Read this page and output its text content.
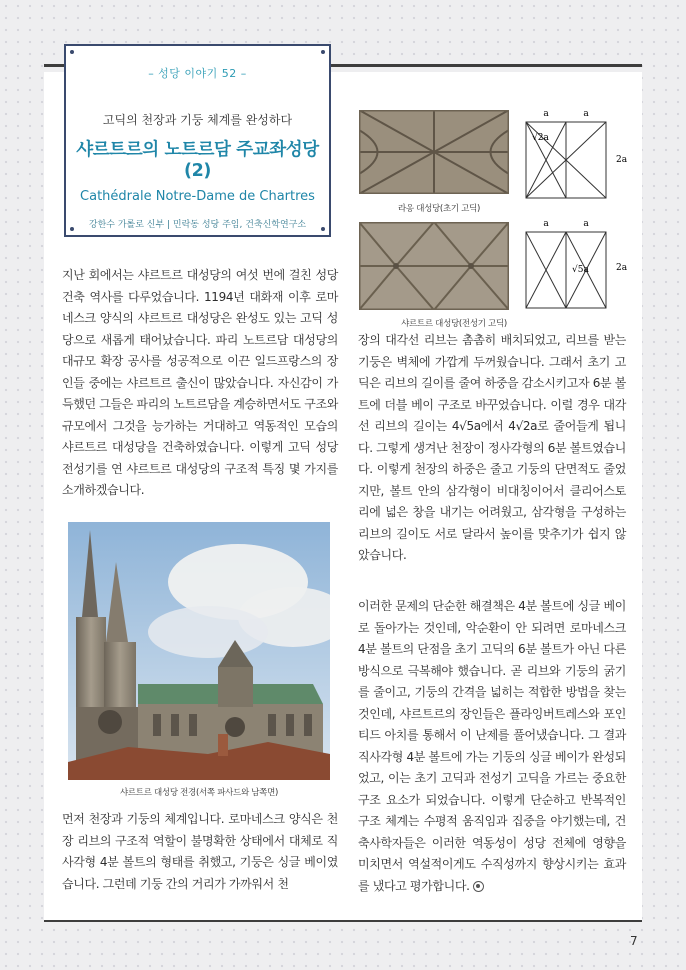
– 성당 이야기 52 –
고딕의 천장과 기둥 체계를 완성하다
샤르트르의 노트르담 주교좌성당(2)
Cathédrale Notre-Dame de Chartres
강한수 가롤로 신부 | 민락동 성당 주임, 건축신학연구소

지난 회에서는 샤르트르 대성당의 여섯 번에 걸친 성당 건축 역사를 다루었습니다. 1194년 대화재 이후 로마네스크 양식의 샤르트르 대성당은 완성도 있는 고딕 성당으로 새롭게 태어났습니다. 파리 노트르담 대성당의 대규모 확장 공사를 성공적으로 이끈 일드프랑스의 장인들 중에는 샤르트르 출신이 많았습니다. 자신감이 가득했던 그들은 파리의 노트르담을 계승하면서도 구조와 규모에서 그것을 능가하는 거대하고 역동적인 모습의 샤르트르 대성당을 건축하였습니다. 이렇게 고딕 성당 전성기를 연 샤르트르 대성당의 구조적 특징 몇 가지를 소개하겠습니다.

샤르트르 대성당 전경(서쪽 파사드와 남쪽면)

먼저 천장과 기둥의 체계입니다. 로마네스크 양식은 천장 리브의 구조적 역할이 불명확한 상태에서 대체로 직사각형 4분 볼트의 형태를 취했고, 기둥은 싱글 베이였습니다. 그런데 기둥 간의 거리가 가까워서 천

a	a
2a
√2a
라옹 대성당(초기 고딕)
a	a
2a
√5a
샤르트르 대성당(전성기 고딕)

장의 대각선 리브는 촘촘히 배치되었고, 리브를 받는 기둥은 벽체에 가깝게 두꺼웠습니다. 그래서 초기 고딕은 리브의 길이를 줄여 하중을 감소시키고자 6분 볼트에 더블 베이 구조로 바꾸었습니다. 이럴 경우 대각선 리브의 길이는 4√5a에서 4√2a로 줄어들게 됩니다. 그렇게 생겨난 천장이 정사각형의 6분 볼트였습니다. 이렇게 천장의 하중은 줄고 기둥의 단면적도 줄었지만, 볼트 안의 삼각형이 비대칭이어서 클리어스토리에 넓은 창을 내기는 어려웠고, 삼각형을 구성하는 리브의 길이도 서로 달라서 높이를 맞추기가 쉽지 않았습니다.

이러한 문제의 단순한 해결책은 4분 볼트에 싱글 베이로 돌아가는 것인데, 악순환이 안 되려면 로마네스크 4분 볼트의 단점을 초기 고딕의 6분 볼트가 아닌 다른 방식으로 극복해야 했습니다. 곧 리브와 기둥의 굵기를 줄이고, 기둥의 간격을 넓히는 적합한 방법을 찾는 것인데, 샤르트르의 장인들은 플라잉버트레스와 포인티드 아치를 통해서 이 난제를 풀어냈습니다. 그 결과 직사각형 4분 볼트에 가는 기둥의 싱글 베이가 완성되었고, 이는 초기 고딕과 전성기 고딕을 가르는 중요한 구조 요소가 되었습니다. 이렇게 단순하고 반복적인 구조 체계는 수평적 움직임과 집중을 야기했는데, 건축사학자들은 이러한 역동성이 성당 전체에 영향을 미치면서 역설적이게도 수직성까지 향상시키는 효과를 냈다고 평가합니다.

7
